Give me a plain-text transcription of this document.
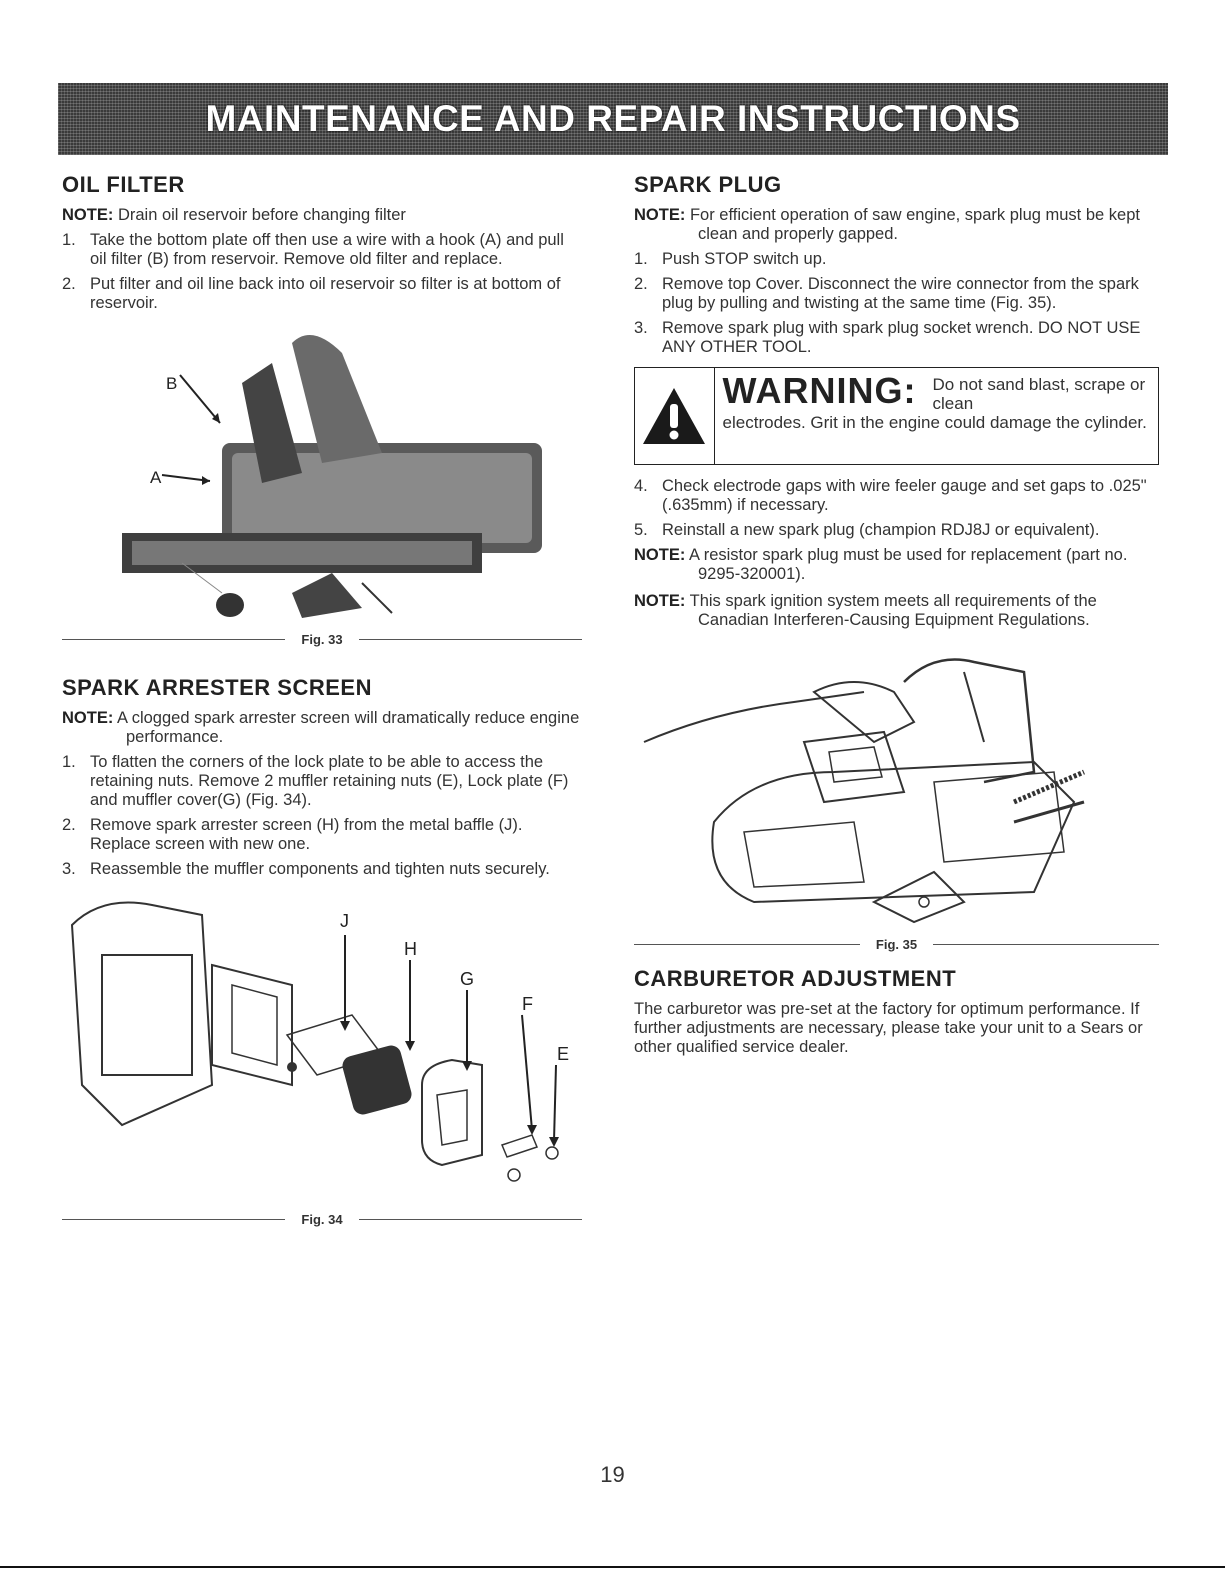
MAINTENANCE AND REPAIR INSTRUCTIONS
OIL FILTER

NOTE: Drain oil reservoir before changing filter

1. Take the bottom plate off then use a wire with a hook (A) and pull oil filter (B) from reservoir. Remove old filter and replace.
2. Put filter and oil line back into oil reservoir so filter is at bottom of reservoir.
B
A
Fig. 33
SPARK ARRESTER SCREEN

NOTE: A clogged spark arrester screen will dramatically reduce engine performance.

1. To flatten the corners of the lock plate to be able to access the retaining nuts. Remove 2 muffler retaining nuts (E), Lock plate (F) and muffler cover(G) (Fig. 34).
2. Remove spark arrester screen (H) from the metal baffle (J). Replace screen with new one.
3. Reassemble the muffler components and tighten nuts securely.
J
H
G
F
E
Fig. 34
SPARK PLUG

NOTE: For efficient operation of saw engine, spark plug must be kept clean and properly gapped.

1. Push STOP switch up.
2. Remove top Cover. Disconnect the wire connector from the spark plug by pulling and twisting at the same time (Fig. 35).
3. Remove spark plug with spark plug socket wrench. DO NOT USE ANY OTHER TOOL.
WARNING: Do not sand blast, scrape or clean
electrodes. Grit in the engine could damage the cylinder.
4. Check electrode gaps with wire feeler gauge and set gaps to .025" (.635mm) if necessary.
5. Reinstall a new spark plug (champion RDJ8J or equivalent).

NOTE: A resistor spark plug must be used for replacement (part no. 9295-320001).

NOTE: This spark ignition system meets all requirements of the Canadian Interferen-Causing Equipment Regulations.

Fig. 35
CARBURETOR ADJUSTMENT

The carburetor was pre-set at the factory for optimum performance. If further adjustments are necessary, please take your unit to a Sears or other qualified service dealer.

19
